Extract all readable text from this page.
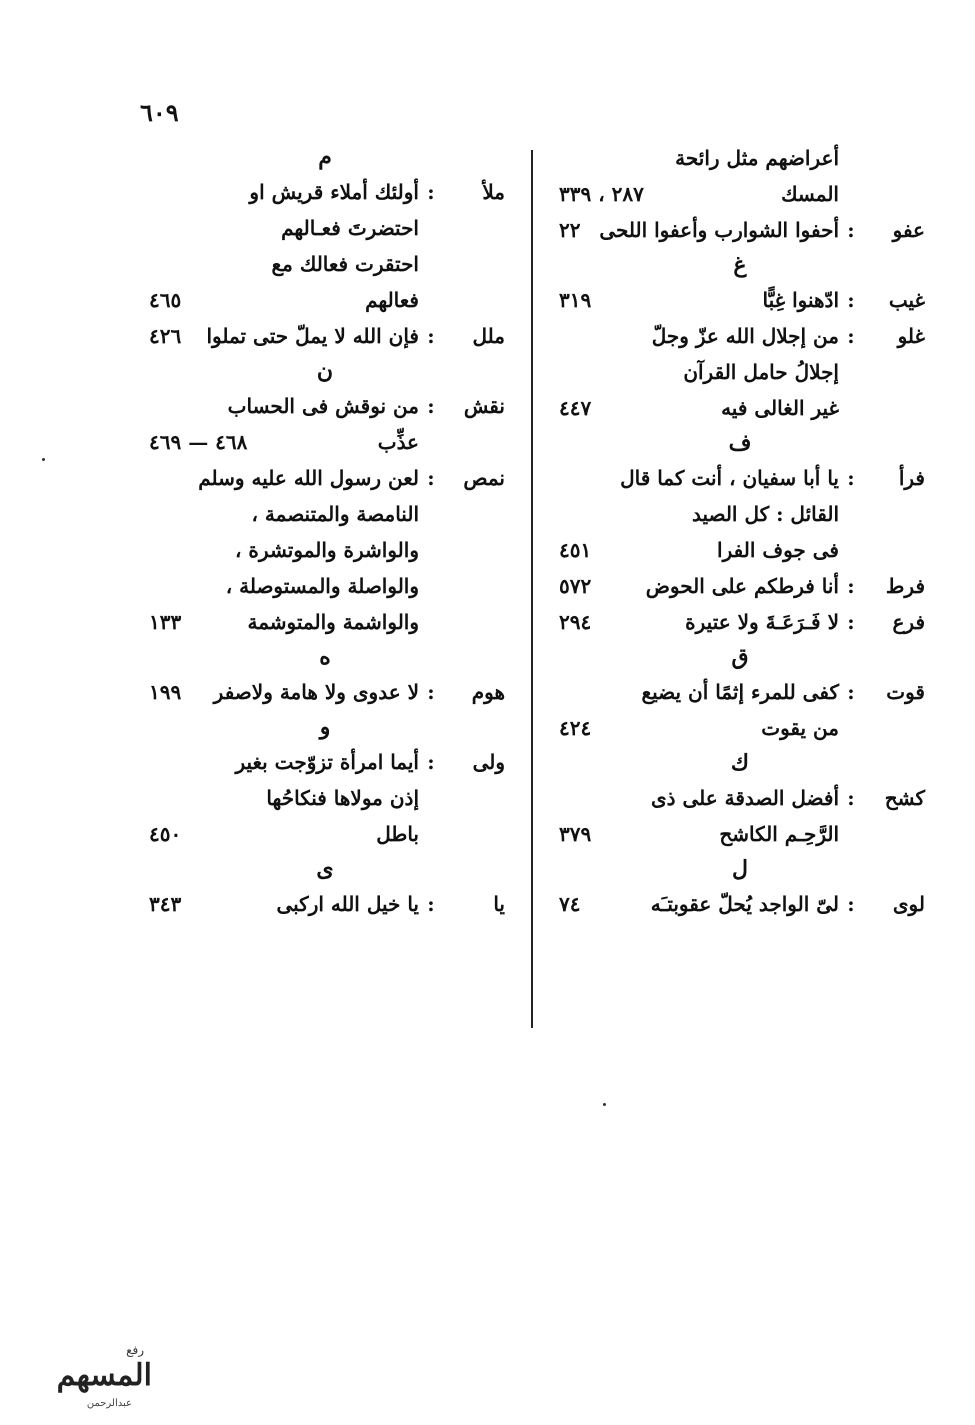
٦٠٩
أعراضهم مثل رائحة
المسك
٢٨٧ ، ٣٣٩
عفو
:
أحفوا الشوارب وأعفوا اللحى
٢٢
غ
غيب
:
ادّهنوا غِبًّا
٣١٩
غلو
:
من إجلال الله عزّ وجلّ
إجلالُ حامل القرآن
غير الغالى فيه
٤٤٧
ف
فرأ
:
يا أبا سفيان ، أنت كما قال
القائل : كل الصيد
فى جوف الفرا
٤٥١
فرط
:
أنا فرطكم على الحوض
٥٧٢
فرع
:
لا فَـرَعَـةَ ولا عتيرة
٢٩٤
ق
قوت
:
كفى للمرء إثمًا أن يضيع
من يقوت
٤٢٤
ك
كشح
:
أفضل الصدقة على ذى
الرَّحِـم الكاشح
٣٧٩
ل
لوى
:
لىّ الواجد يُحلّ عقوبتـَه
٧٤
م
ملأ
:
أولئك أملاء قريش او
احتضرتَ فعـالهم
احتقرت فعالك مع
فعالهم
٤٦٥
ملل
:
فإن الله لا يملّ حتى تملوا
٤٢٦
ن
نقش
:
من نوقش فى الحساب
عذِّب
٤٦٨ — ٤٦٩
نمص
:
لعن رسول الله عليه وسلم
النامصة والمتنصمة ،
والواشرة والموتشرة ،
والواصلة والمستوصلة ،
والواشمة والمتوشمة
١٣٣
ه
هوم
:
لا عدوى ولا هامة ولاصفر
١٩٩
و
ولى
:
أيما امرأة تزوّجت بغير
إذن مولاها فنكاحُها
باطل
٤٥٠
ى
يا
:
يا خيل الله اركبى
٣٤٣
المسهم
رفع
عبدالرحمن
